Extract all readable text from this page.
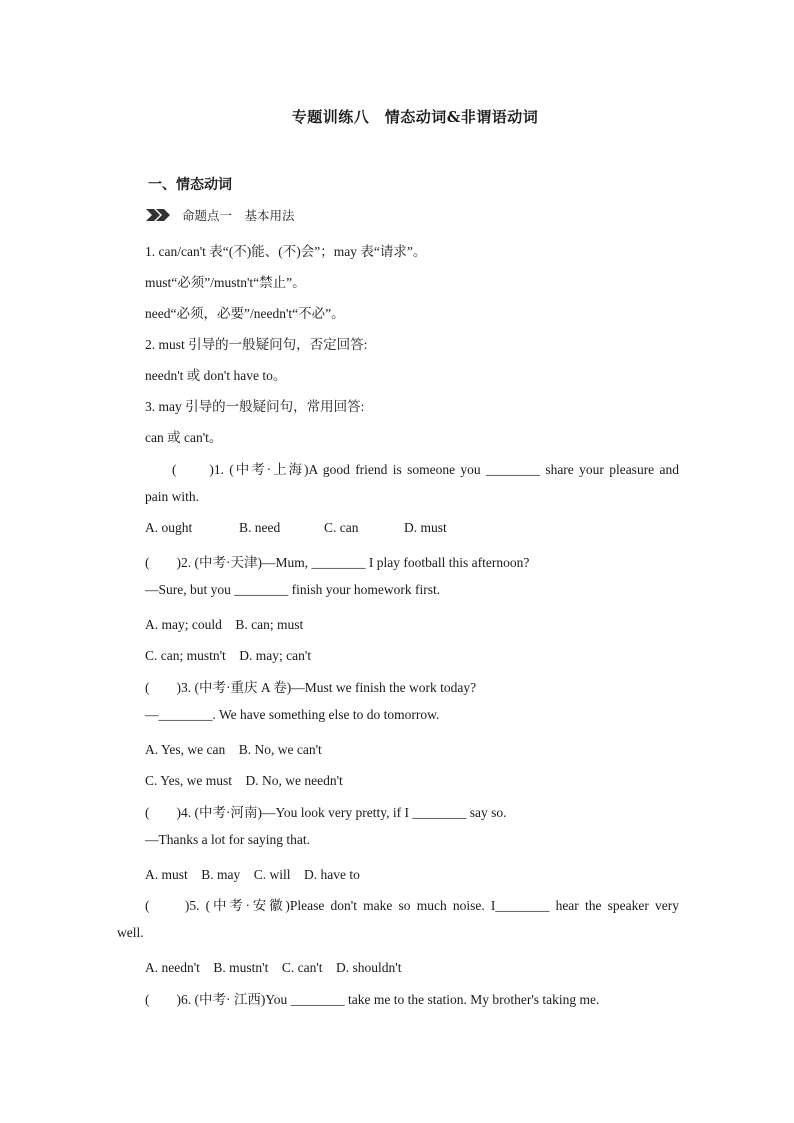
专题训练八　情态动词&非谓语动词
一、情态动词
命题点一　基本用法
1. can/can't 表“(不)能、(不)会”；may 表“请求”。
must“必须”/mustn't“禁止”。
need“必须，必要”/needn't“不必”。
2. must 引导的一般疑问句，否定回答:
needn't 或 don't have to。
3. may 引导的一般疑问句，常用回答:
can 或 can't。
(　　)1. (中考·上海)A good friend is someone you ________ share your pleasure and
pain with.
A. ought	B. need	C. can	D. must
(　　)2. (中考·天津)—Mum, ________ I play football this afternoon?
—Sure, but you ________ finish your homework first.
A. may; could　B. can; must
C. can; mustn't　D. may; can't
(　　)3. (中考·重庆 A 卷)—Must we finish the work today?
—________. We have something else to do tomorrow.
A. Yes, we can　B. No, we can't
C. Yes, we must　D. No, we needn't
(　　)4. (中考·河南)—You look very pretty, if I ________ say so.
—Thanks a lot for saying that.
A. must　B. may　C. will　D. have to
(　　)5. (中考·安徽)Please don't make so much noise. I________ hear the speaker very
well.
A. needn't　B. mustn't　C. can't　D. shouldn't
(　　)6. (中考· 江西)You ________ take me to the station. My brother's taking me.
